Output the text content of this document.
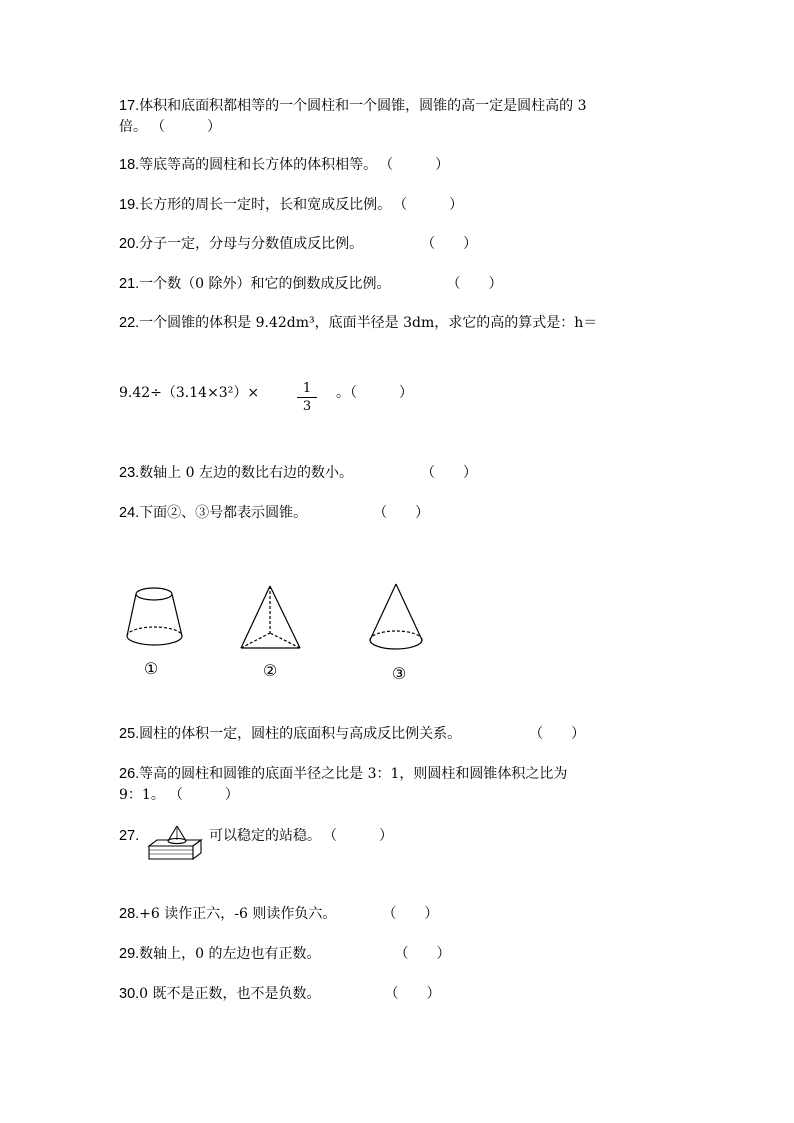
17.体积和底面积都相等的一个圆柱和一个圆锥，圆锥的高一定是圆柱高的 3
倍。 （　　　）
18.等底等高的圆柱和长方体的体积相等。 （　　　）
19.长方形的周长一定时，长和宽成反比例。 （　　　）
20.分子一定，分母与分数值成反比例。	（　　）
21.一个数（0 除外）和它的倒数成反比例。	（　　）
22.一个圆锥的体积是 9.42dm³，底面半径是 3dm，求它的高的算式是：h＝
9.42÷（3.14×3²）×	1
3
。（　　　）
23.数轴上 0 左边的数比右边的数小。	（　　）
24.下面②、③号都表示圆锥。	（　　）
①	②	③
25.圆柱的体积一定，圆柱的底面积与高成反比例关系。	（　　）
26.等高的圆柱和圆锥的底面半径之比是 3：1，则圆柱和圆锥体积之比为
9：1。 （　　　）
27.	可以稳定的站稳。 （　　　）
28.+6 读作正六，-6 则读作负六。	（　　）
29.数轴上，0 的左边也有正数。	（　　）
30.0 既不是正数，也不是负数。	（　　）
